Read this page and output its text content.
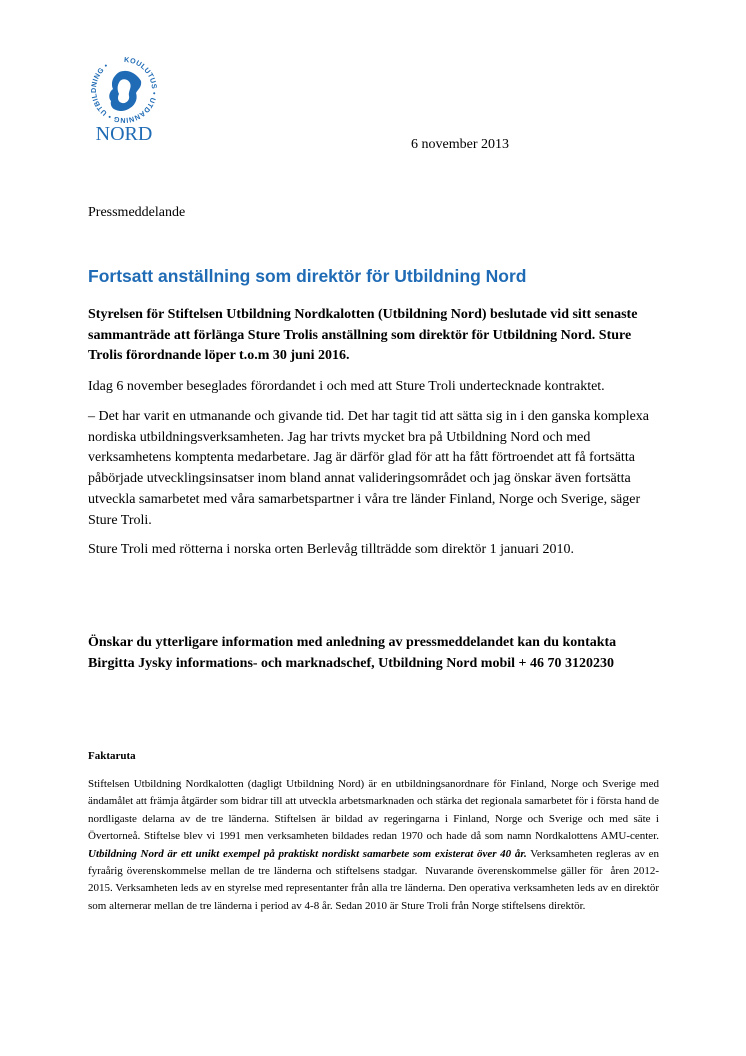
KOULUTUS • UTDANNING • UTBILDNING •
NORD	6 november 2013
Pressmeddelande
Fortsatt anställning som direktör för Utbildning Nord
Styrelsen för Stiftelsen Utbildning Nordkalotten (Utbildning Nord) beslutade vid sitt senaste sammanträde att förlänga Sture Trolis anställning som direktör för Utbildning Nord. Sture Trolis förordnande löper t.o.m 30 juni 2016.
Idag 6 november beseglades förordandet i och med att Sture Troli undertecknade kontraktet.
– Det har varit en utmanande och givande tid. Det har tagit tid att sätta sig in i den ganska komplexa nordiska utbildningsverksamheten. Jag har trivts mycket bra på Utbildning Nord och med verksamhetens komptenta medarbetare. Jag är därför glad för att ha fått förtroendet att få fortsätta påbörjade utvecklingsinsatser inom bland annat valideringsområdet och jag önskar även fortsätta utveckla samarbetet med våra samarbetspartner i våra tre länder Finland, Norge och Sverige, säger Sture Troli.
Sture Troli med rötterna i norska orten Berlevåg tillträdde som direktör 1 januari 2010.
Önskar du ytterligare information med anledning av pressmeddelandet kan du kontakta Birgitta Jysky informations- och marknadschef, Utbildning Nord mobil + 46 70 3120230
Faktaruta
Stiftelsen Utbildning Nordkalotten (dagligt Utbildning Nord) är en utbildningsanordnare för Finland, Norge och Sverige med ändamålet att främja åtgärder som bidrar till att utveckla arbetsmarknaden och stärka det regionala samarbetet för i första hand de nordligaste delarna av de tre länderna. Stiftelsen är bildad av regeringarna i Finland, Norge och Sverige och med säte i Övertorneå. Stiftelse blev vi 1991 men verksamheten bildades redan 1970 och hade då som namn Nordkalottens AMU-center. Utbildning Nord är ett unikt exempel på praktiskt nordiskt samarbete som existerat över 40 år. Verksamheten regleras av en fyraårig överenskommelse mellan de tre länderna och stiftelsens stadgar.  Nuvarande överenskommelse gäller för  åren 2012-2015. Verksamheten leds av en styrelse med representanter från alla tre länderna. Den operativa verksamheten leds av en direktör som alternerar mellan de tre länderna i period av 4-8 år. Sedan 2010 är Sture Troli från Norge stiftelsens direktör.
